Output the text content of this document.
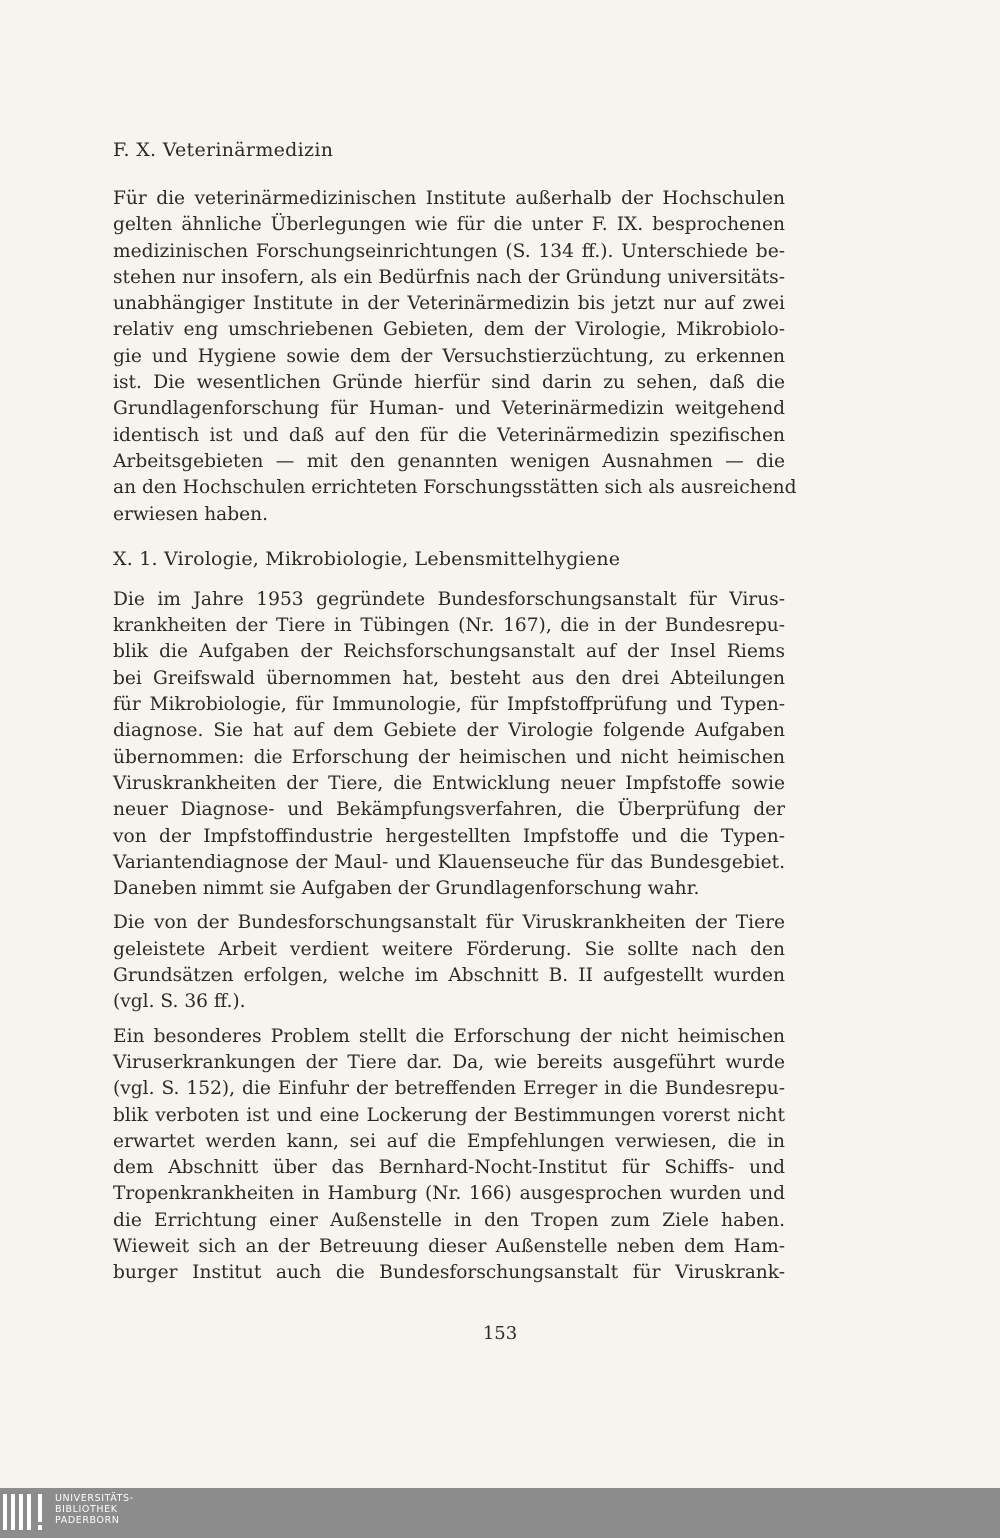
F. X. Veterinärmedizin
Für die veterinärmedizinischen Institute außerhalb der Hochschulen
gelten ähnliche Überlegungen wie für die unter F. IX. besprochenen
medizinischen Forschungseinrichtungen (S. 134 ff.). Unterschiede be-
stehen nur insofern, als ein Bedürfnis nach der Gründung universitäts-
unabhängiger Institute in der Veterinärmedizin bis jetzt nur auf zwei
relativ eng umschriebenen Gebieten, dem der Virologie, Mikrobiolo-
gie und Hygiene sowie dem der Versuchstierzüchtung, zu erkennen
ist. Die wesentlichen Gründe hierfür sind darin zu sehen, daß die
Grundlagenforschung für Human- und Veterinärmedizin weitgehend
identisch ist und daß auf den für die Veterinärmedizin spezifischen
Arbeitsgebieten — mit den genannten wenigen Ausnahmen — die
an den Hochschulen errichteten Forschungsstätten sich als ausreichend
erwiesen haben.
X. 1. Virologie, Mikrobiologie, Lebensmittelhygiene
Die im Jahre 1953 gegründete Bundesforschungsanstalt für Virus-
krankheiten der Tiere in Tübingen (Nr. 167), die in der Bundesrepu-
blik die Aufgaben der Reichsforschungsanstalt auf der Insel Riems
bei Greifswald übernommen hat, besteht aus den drei Abteilungen
für Mikrobiologie, für Immunologie, für Impfstoffprüfung und Typen-
diagnose. Sie hat auf dem Gebiete der Virologie folgende Aufgaben
übernommen: die Erforschung der heimischen und nicht heimischen
Viruskrankheiten der Tiere, die Entwicklung neuer Impfstoffe sowie
neuer Diagnose- und Bekämpfungsverfahren, die Überprüfung der
von der Impfstoffindustrie hergestellten Impfstoffe und die Typen-
Variantendiagnose der Maul- und Klauenseuche für das Bundesgebiet.
Daneben nimmt sie Aufgaben der Grundlagenforschung wahr.
Die von der Bundesforschungsanstalt für Viruskrankheiten der Tiere
geleistete Arbeit verdient weitere Förderung. Sie sollte nach den
Grundsätzen erfolgen, welche im Abschnitt B. II aufgestellt wurden
(vgl. S. 36 ff.).
Ein besonderes Problem stellt die Erforschung der nicht heimischen
Viruserkrankungen der Tiere dar. Da, wie bereits ausgeführt wurde
(vgl. S. 152), die Einfuhr der betreffenden Erreger in die Bundesrepu-
blik verboten ist und eine Lockerung der Bestimmungen vorerst nicht
erwartet werden kann, sei auf die Empfehlungen verwiesen, die in
dem Abschnitt über das Bernhard-Nocht-Institut für Schiffs- und
Tropenkrankheiten in Hamburg (Nr. 166) ausgesprochen wurden und
die Errichtung einer Außenstelle in den Tropen zum Ziele haben.
Wieweit sich an der Betreuung dieser Außenstelle neben dem Ham-
burger Institut auch die Bundesforschungsanstalt für Viruskrank-
153
UNIVERSITÄTS-
BIBLIOTHEK
PADERBORN
